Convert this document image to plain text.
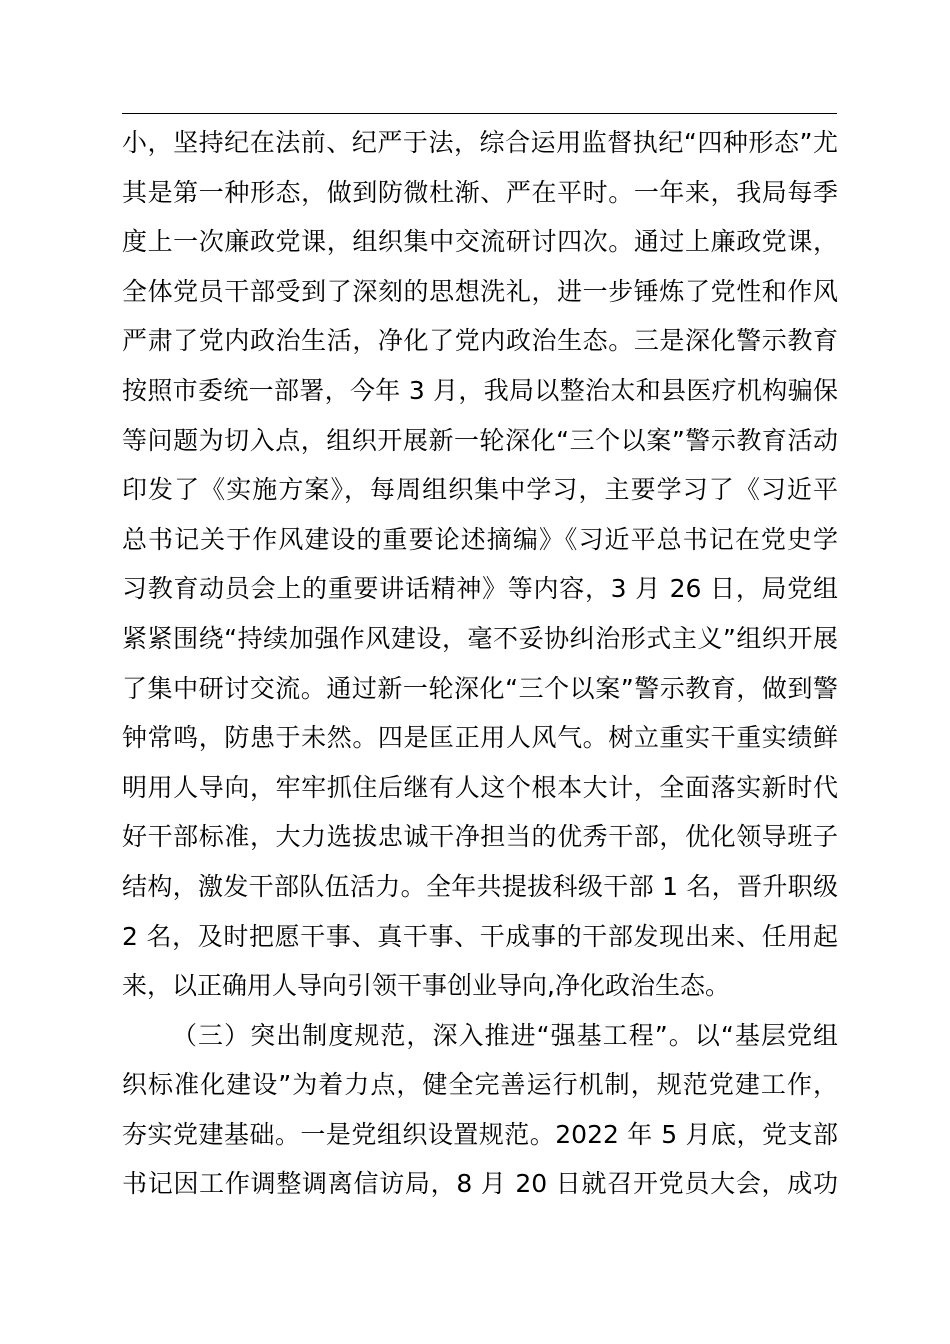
小，坚持纪在法前、纪严于法，综合运用监督执纪“四种形态”尤
其是第一种形态，做到防微杜渐、严在平时。一年来，我局每季
度上一次廉政党课，组织集中交流研讨四次。通过上廉政党课，
全体党员干部受到了深刻的思想洗礼，进一步锤炼了党性和作风
严肃了党内政治生活，净化了党内政治生态。三是深化警示教育
按照市委统一部署，今年 3 月，我局以整治太和县医疗机构骗保
等问题为切入点，组织开展新一轮深化“三个以案”警示教育活动
印发了《实施方案》，每周组织集中学习，主要学习了《习近平
总书记关于作风建设的重要论述摘编》《习近平总书记在党史学
习教育动员会上的重要讲话精神》等内容，3 月 26 日，局党组
紧紧围绕“持续加强作风建设，毫不妥协纠治形式主义”组织开展
了集中研讨交流。通过新一轮深化“三个以案”警示教育，做到警
钟常鸣，防患于未然。四是匡正用人风气。树立重实干重实绩鲜
明用人导向，牢牢抓住后继有人这个根本大计，全面落实新时代
好干部标准，大力选拔忠诚干净担当的优秀干部，优化领导班子
结构，激发干部队伍活力。全年共提拔科级干部 1 名，晋升职级
2 名，及时把愿干事、真干事、干成事的干部发现出来、任用起
来，以正确用人导向引领干事创业导向,净化政治生态。
（三）突出制度规范，深入推进“强基工程”。以“基层党组
织标准化建设”为着力点，健全完善运行机制，规范党建工作，
夯实党建基础。一是党组织设置规范。2022 年 5 月底，党支部
书记因工作调整调离信访局，8 月 20 日就召开党员大会，成功
